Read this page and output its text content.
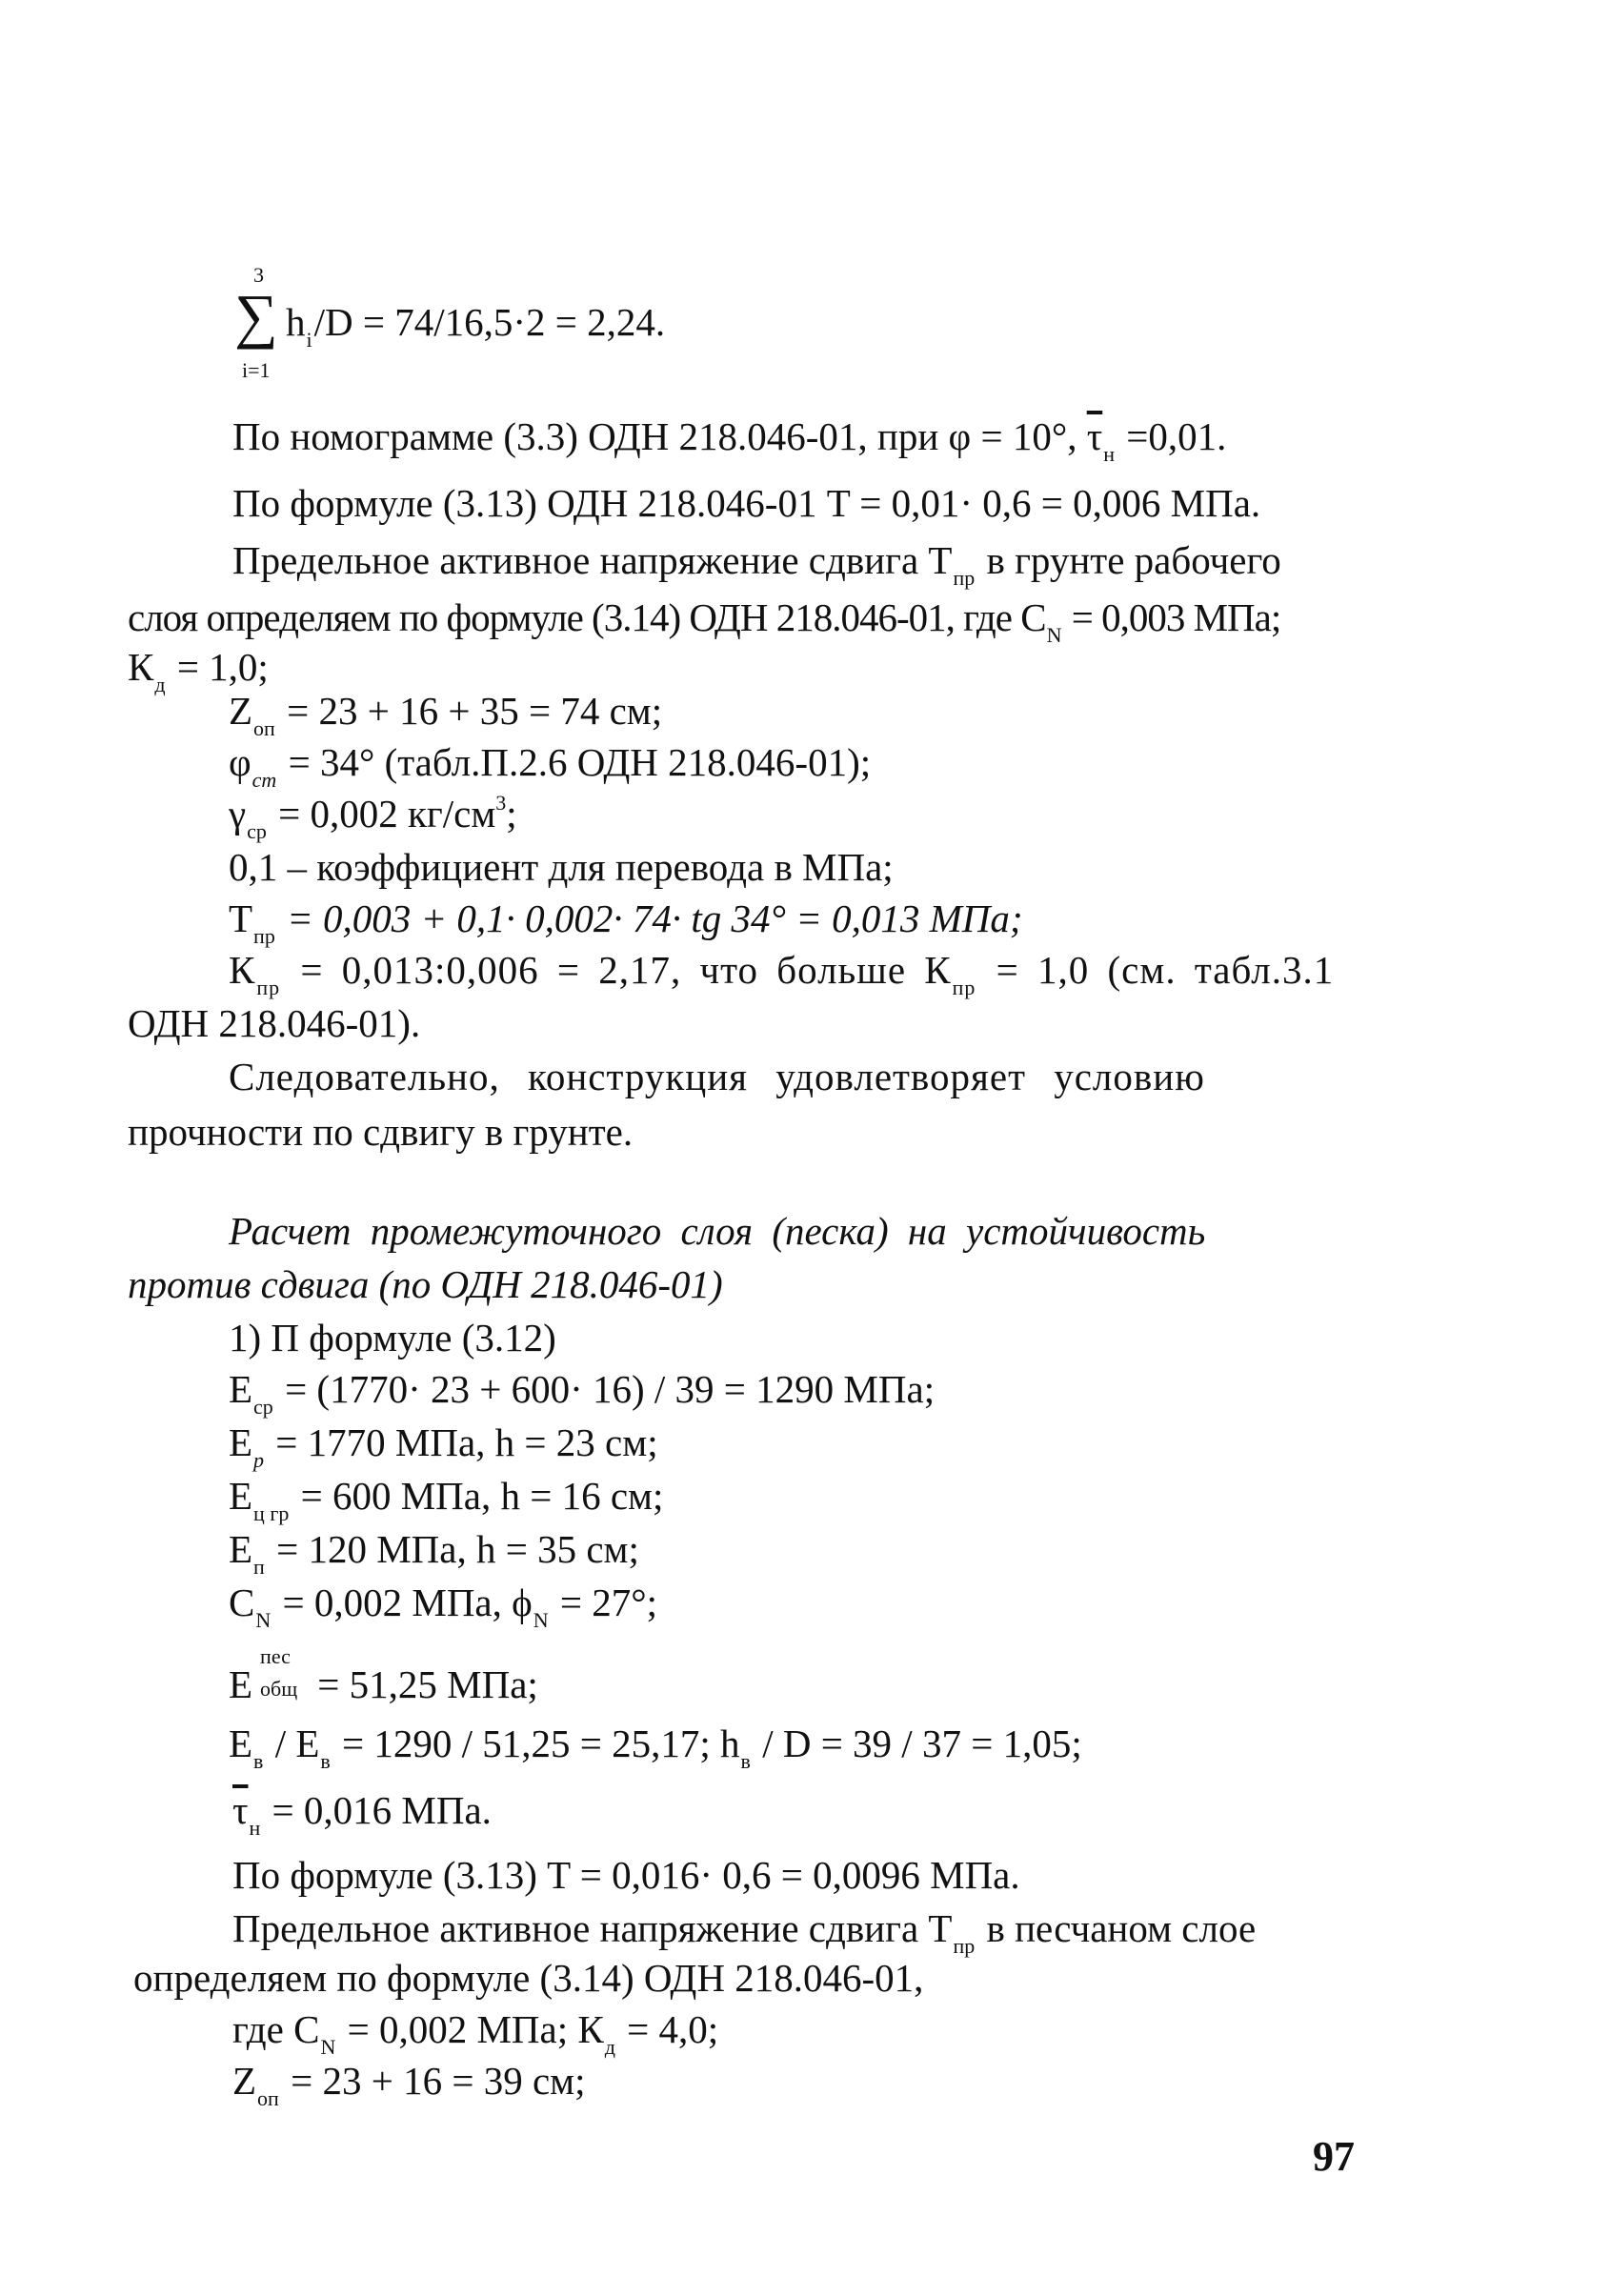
3
∑
i=1
$h_i/D = 74/16,5\cdot 2 = 2,24$.
По номограмме (3.3) ОДН 218.046-01, при φ = 10°, $\overline{\tau}_н =0,01$.
По формуле (3.13) ОДН 218.046-01 T = 0,01· 0,6 = 0,006 МПа.
Предельное активное напряжение сдвига $T_{пр}$ в грунте рабочего
слоя определяем по формуле (3.14) ОДН 218.046-01, где $C_N = 0,003$ МПа;
$К_д = 1,0$;
$Z_{оп} = 23 + 16 + 35 = 74$ см;
$\varphi_{ст} = 34^\circ$ (табл.П.2.6 ОДН 218.046-01);
$\gamma_{ср} = 0,002$ $кг/см^3$;
0,1 – коэффициент для перевода в МПа;
$T_{пр} = 0,003 + 0,1\cdot 0,002\cdot 74\cdot$ tg 34° = 0,013 МПа;
$К_{пр}$ = 0,013:0,006 = 2,17, что больше $К_{пр} = 1,0$ (см. табл.3.1
ОДН 218.046-01).
Следовательно, конструкция удовлетворяет условию
прочности по сдвигу в грунте.
Расчет промежуточного слоя (песка) на устойчивость
против сдвига (по ОДН 218.046-01)
1) П формуле (3.12)
$E_{ср} = (1770\cdot 23 + 600\cdot 16) / 39 = 1290$ МПа;
$E_р = 1770$ МПа, h = 23 см;
$E_{ц гр} = 600$ МПа, h = 16 см;
$E_п = 120$ МПа, h = 35 см;
$C_N = 0,002$ МПа, $\phi_N = 27^\circ$;
E
пес
общ = 51,25 МПа;
$E_в / E_в = 1290 / 51,25 = 25,17$; $h_в / D = 39 / 37 = 1,05$;
$\overline{\tau}_н = 0,016$ МПа.
По формуле (3.13) T = 0,016· 0,6 = 0,0096 МПа.
Предельное активное напряжение сдвига $T_{пр}$ в песчаном слое
определяем по формуле (3.14) ОДН 218.046-01,
где $C_N = 0,002$ МПа; $К_д = 4,0$;
$Z_{оп} = 23 + 16 = 39$ см;
97
